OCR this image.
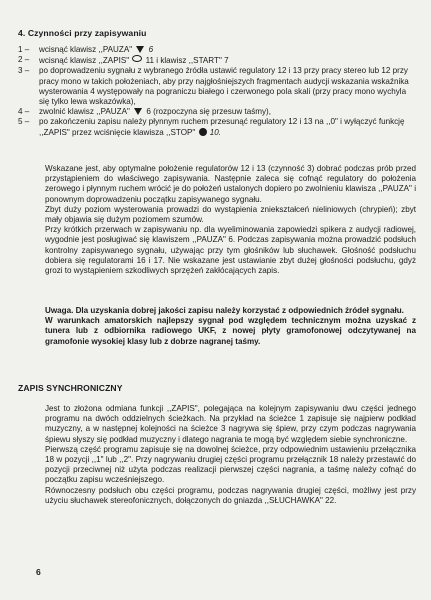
4. Czynności przy zapisywaniu
1 –	wcisnąć klawisz ,,PAUZA" 6
2 –	wcisnąć klawisz ,,ZAPIS" 11 i klawisz ,,START" 7
3 –	po doprowadzeniu sygnału z wybranego źródła ustawić regulatory 12 i 13 przy pracy stereo lub 12 przy pracy mono w takich położeniach, aby przy najgłośniejszych fragmentach audycji wskazania wskaźnika wysterowania 4 występowały na pograniczu białego i czerwonego pola skali (przy pracy mono wychyla się tylko lewa wskazówka),
4 –	zwolnić klawisz ,,PAUZA" 6 (rozpoczyna się przesuw taśmy),
5 –	po zakończeniu zapisu należy płynnym ruchem przesunąć regulatory 12 i 13 na ,,0" i wyłączyć funkcję ,,ZAPIS" przez wciśnięcie klawisza ,,STOP" 10.

Wskazane jest, aby optymalne położenie regulatorów 12 i 13 (czynność 3) dobrać podczas prób przed przystąpieniem do właściwego zapisywania. Następnie zaleca się cofnąć regulatory do położenia zerowego i płynnym ruchem wrócić je do położeń ustalonych dopiero po zwolnieniu klawisza ,,PAUZA" i ponownym doprowadzeniu początku zapisywanego sygnału.

Zbyt duży poziom wysterowania prowadzi do wystąpienia zniekształceń nieliniowych (chrypień); zbyt mały objawia się dużym poziomem szumów.

Przy krótkich przerwach w zapisywaniu np. dla wyeliminowania zapowiedzi spikera z audycji radiowej, wygodnie jest posługiwać się klawiszem ,,PAUZA" 6. Podczas zapisywania można prowadzić podsłuch kontrolny zapisywanego sygnału, używając przy tym głośników lub słuchawek. Głośność podsłuchu dobiera się regulatorami 16 i 17. Nie wskazane jest ustawianie zbyt dużej głośności podsłuchu, gdyż grozi to wystąpieniem szkodliwych sprzężeń zakłócających zapis.

Uwaga. Dla uzyskania dobrej jakości zapisu należy korzystać z odpowiednich źródeł sygnału.

W warunkach amatorskich najlepszy sygnał pod względem technicznym można uzyskać z tunera lub z odbiornika radiowego UKF, z nowej płyty gramofonowej odczytywanej na gramofonie wysokiej klasy lub z dobrze nagranej taśmy.

ZAPIS SYNCHRONICZNY

Jest to złożona odmiana funkcji ,,ZAPIS", polegająca na kolejnym zapisywaniu dwu części jednego programu na dwóch oddzielnych ścieżkach. Na przykład na ścieżce 1 zapisuje się najpierw podkład muzyczny, a w następnej kolejności na ścieżce 3 nagrywa się śpiew, przy czym podczas nagrywania śpiewu słyszy się podkład muzyczny i dlatego nagrania te mogą być względem siebie synchroniczne.

Pierwszą część programu zapisuje się na dowolnej ścieżce, przy odpowiednim ustawieniu przełącznika 18 w pozycji ,,1" lub ,,2". Przy nagrywaniu drugiej części programu przełącznik 18 należy przestawić do pozycji przeciwnej niż użyta podczas realizacji pierwszej części nagrania, a taśmę należy cofnąć do początku zapisu wcześniejszego.

Równoczesny podsłuch obu części programu, podczas nagrywania drugiej części, możliwy jest przy użyciu słuchawek stereofonicznych, dołączonych do gniazda ,,SŁUCHAWKA" 22.

6
